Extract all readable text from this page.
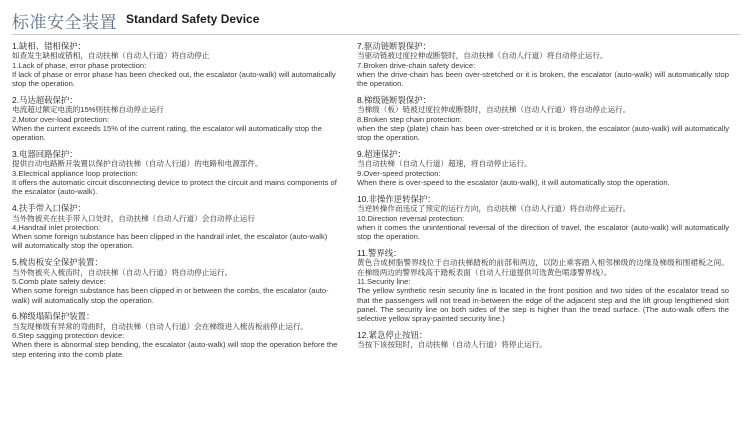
标准安全装置 Standard Safety Device

1.缺相、错相保护：

如查发生缺相或错相，自动扶梯（自动人行道）将自动停止

1.Lack of phase, error phase protection:

If lack of phase or error phase has been checked out, the escalator (auto-walk) will automatically stop the operation.

2.马达超载保护：

电流超过额定电流的15%则扶梯自动停止运行

2.Motor over-load protection:

When the current exceeds 15% of the current rating, the escalator will automatically stop the operation.

3.电器回路保护：

提供自动电路断开装置以保护自动扶梯（自动人行道）的电路和电源部件。

3.Electrical appliance loop protection:

It offers the automatic circuit disconnecting device to protect the circuit and mains components of the escalator (auto-walk).

4.扶手带入口保护：

当外物被夹在扶手带入口处时，自动扶梯（自动人行道）会自动停止运行

4.Handrail inlet protection:

When some foreign substance has been clipped in the handrail inlet, the escalator (auto-walk) will automatically stop the operation.

5.梳齿板安全保护装置：

当外物被夹入梳齿时，自动扶梯（自动人行道）将自动停止运行。

5.Comb plate safety device:

When some foreign substance has been clipped in or between the combs, the escalator (auto-walk) will automatically stop the operation.

6.梯级塌陷保护装置：

当发现梯级有异常的弯曲时，自动扶梯（自动人行道）会在梯级进入梳齿板前停止运行。

6.Step sagging protection device:

When there is abnormal step bending, the escalator (auto-walk) will stop the operation before the step entering into the comb plate.

7.驱动链断裂保护：

当驱动链被过度拉伸或断裂时，自动扶梯（自动人行道）将自动停止运行。

7.Broken drive-chain safety device:

when the drive-chain has been over-stretched or it is broken, the escalator (auto-walk) will automatically stop the operation.

8.梯级链断裂保护：

当梯级（板）链被过度拉伸或断裂时，自动扶梯（自动人行道）将自动停止运行。

8.Broken step chain protection:

when the step (plate) chain has been over-stretched or it is broken, the escalator (auto-walk) will automatically stop the operation.

9.超速保护：

当自动扶梯（自动人行道）超速，将自动停止运行。

9.Over-speed protection:

When there is over-speed to the escalator (auto-walk), it will automatically stop the operation.

10.非操作逆转保护：

当逆转操作而违反了预定的运行方向，自动扶梯（自动人行道）将自动停止运行。

10.Direction reversal protection:

when it comes the unintentional reversal of the direction of travel, the escalator (auto-walk) will automatically stop the operation.

11.警界线：

黄色合成树脂警界线位于自动扶梯踏板的前部和两边，以防止乘客踏入相邻梯级的边缘及梯级和围裙板之间。在梯级两边的警界线高于踏板表面（自动人行道提供可选黄色喷漆警界线）。

11.Security line:

The yellow synthetic resin security line is located in the front position and two sides of the escalator tread so that the passengers will not tread in-between the edge of the adjacent step and the lift group lengthened skirt panel. The security line on both sides of the step is higher than the tread surface. (The auto-walk offers the selective yellow spray-painted security line.)

12.紧急停止按钮：

当按下该按钮时，自动扶梯（自动人行道）将停止运行。
